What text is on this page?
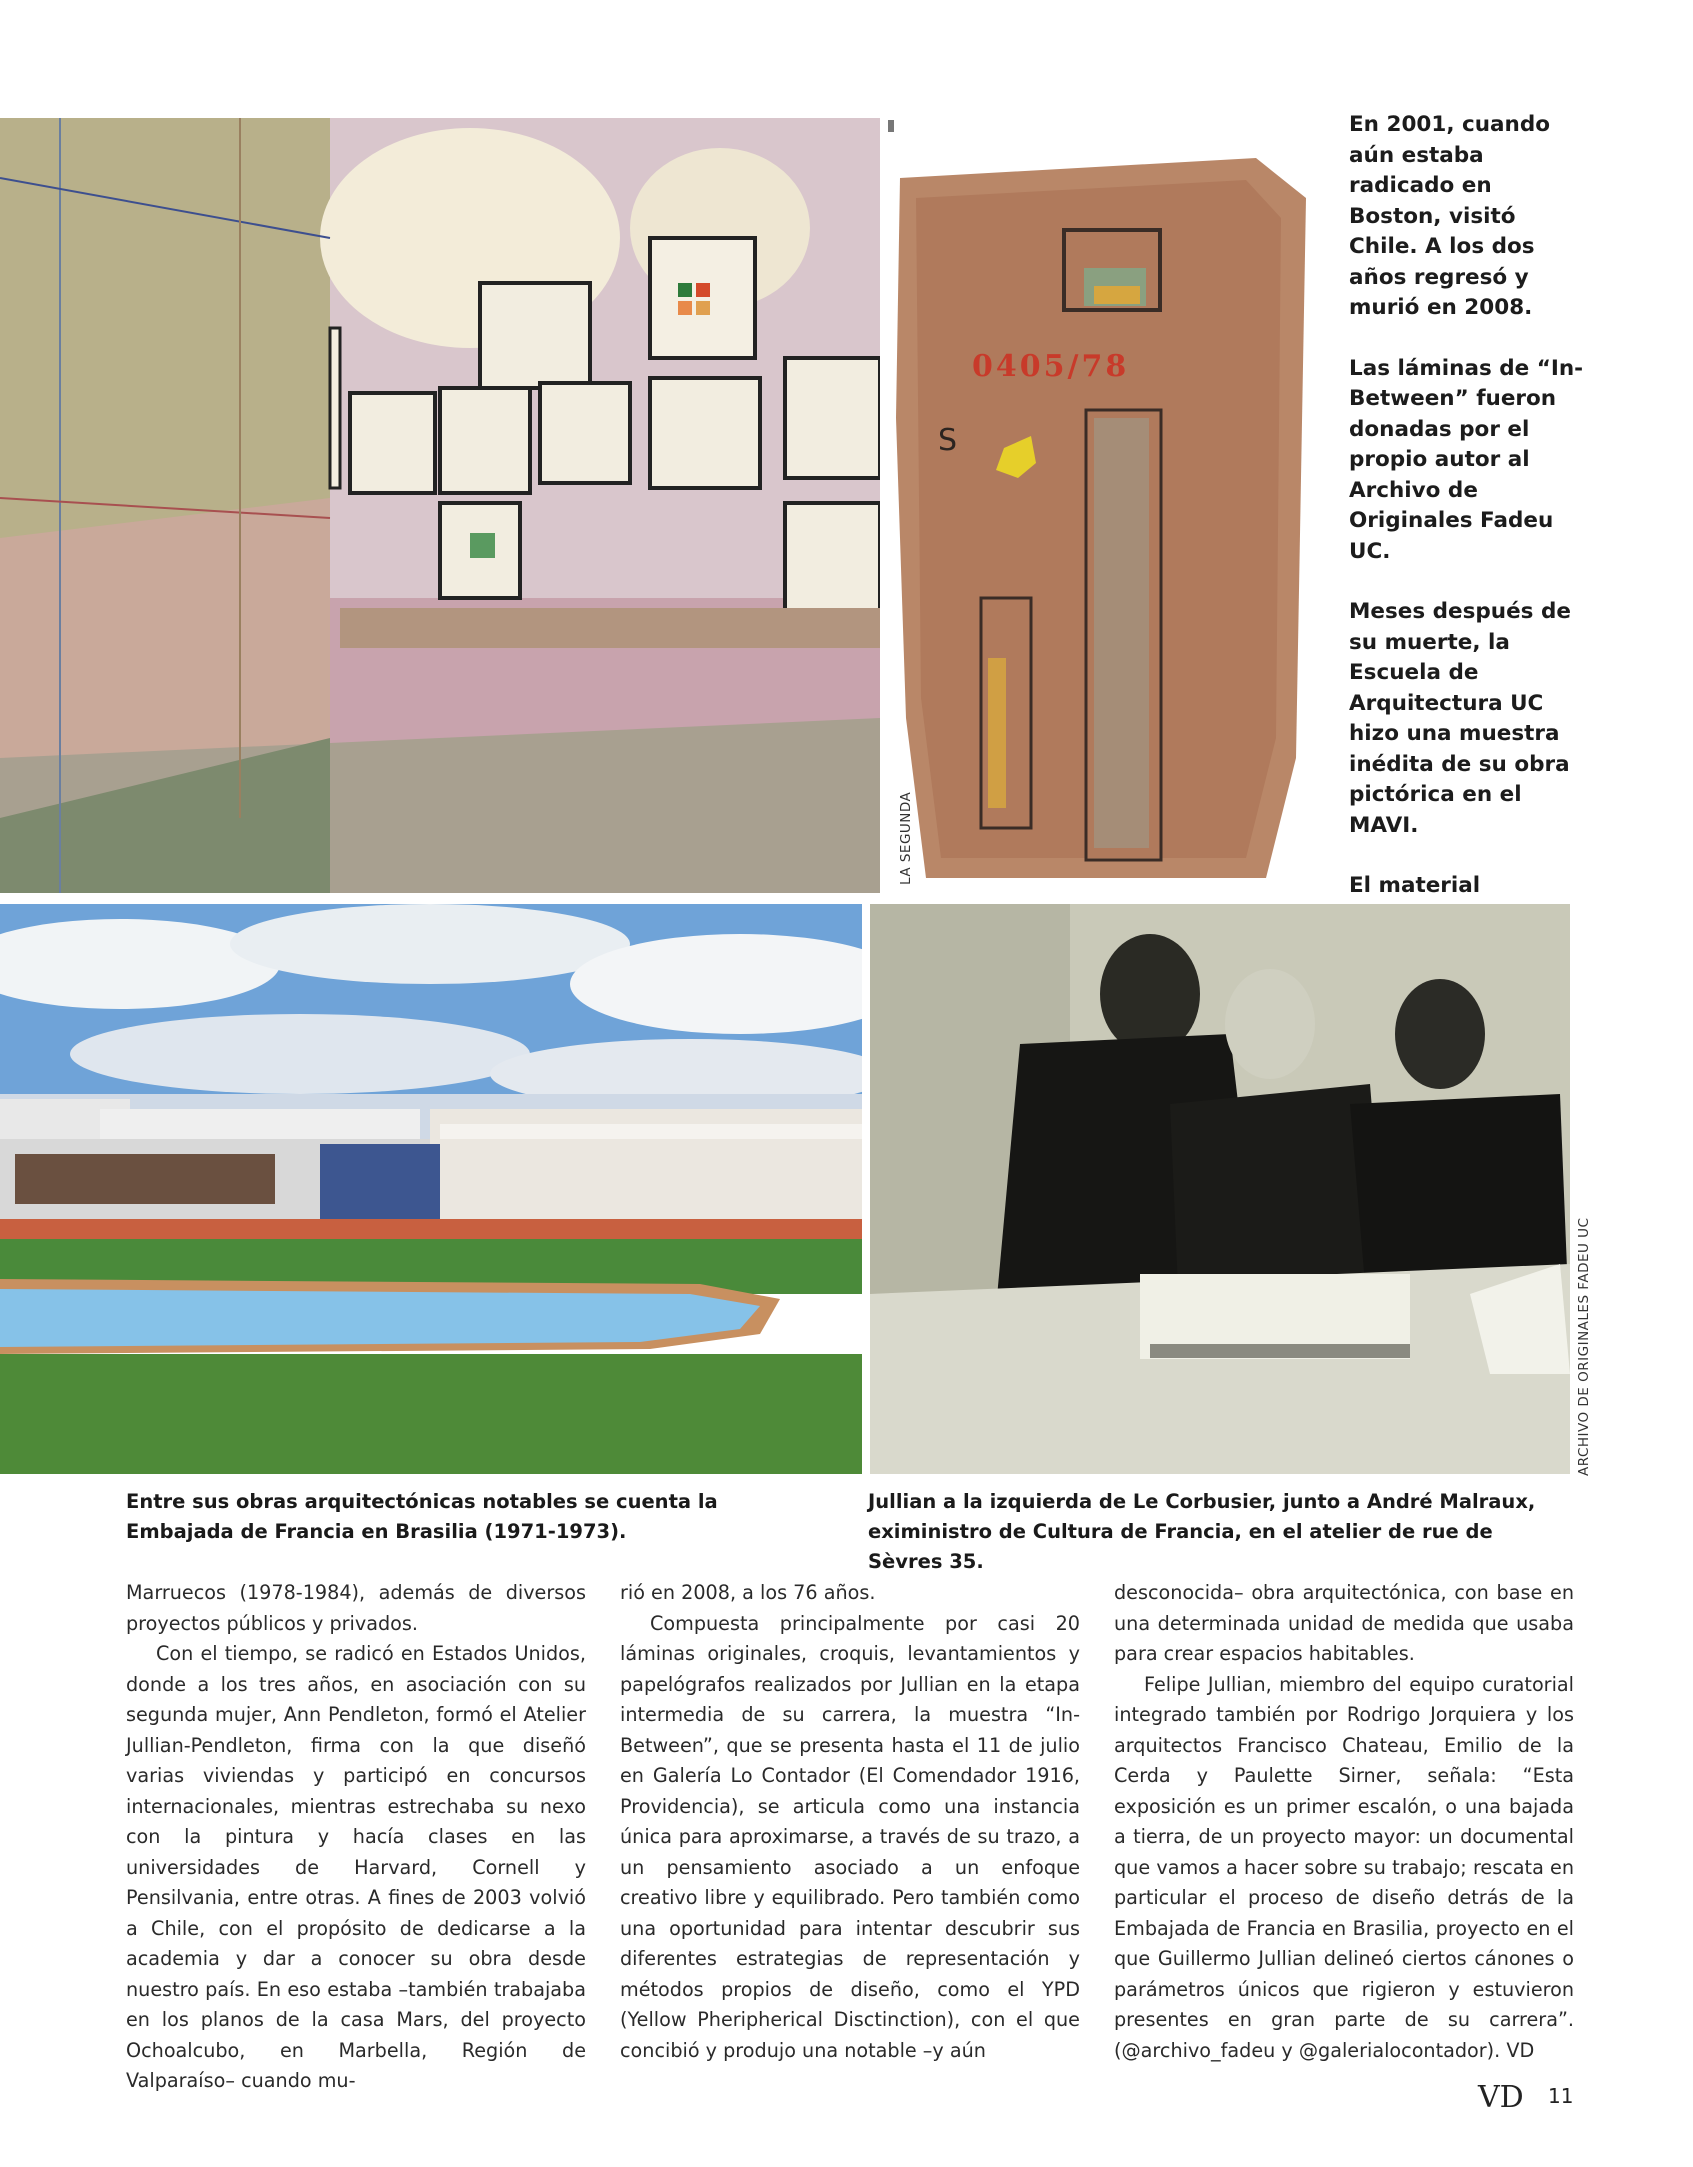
0405/78
S
LA SEGUNDA

En 2001, cuando aún estaba radicado en Boston, visitó Chile. A los dos años regresó y murió en 2008.

Las láminas de “In-Between” fueron donadas por el propio autor al Archivo de Originales Fadeu UC.

Meses después de su muerte, la Escuela de Arquitectura UC hizo una muestra inédita de su obra pictórica en el MAVI.

El material

ARCHIVO DE ORIGINALES FADEU UC
Entre sus obras arquitectónicas notables se cuenta la Embajada de Francia en Brasilia (1971-1973).
Jullian a la izquierda de Le Corbusier, junto a André Malraux, exiministro de Cultura de Francia, en el atelier de rue de Sèvres 35.

Marruecos (1978-1984), además de diversos proyectos públicos y privados.

Con el tiempo, se radicó en Estados Unidos, donde a los tres años, en asociación con su segunda mujer, Ann Pendleton, formó el Atelier Jullian-Pendleton, firma con la que diseñó varias viviendas y participó en concursos internacionales, mientras estrechaba su nexo con la pintura y hacía clases en las universidades de Harvard, Cornell y Pensilvania, entre otras. A fines de 2003 volvió a Chile, con el propósito de dedicarse a la academia y dar a conocer su obra desde nuestro país. En eso estaba –también trabajaba en los planos de la casa Mars, del proyecto Ochoalcubo, en Marbella, Región de Valparaíso– cuando mu-

rió en 2008, a los 76 años.

Compuesta principalmente por casi 20 láminas originales, croquis, levantamientos y papelógrafos realizados por Jullian en la etapa intermedia de su carrera, la muestra “In-Between”, que se presenta hasta el 11 de julio en Galería Lo Contador (El Comendador 1916, Providencia), se articula como una instancia única para aproximarse, a través de su trazo, a un pensamiento asociado a un enfoque creativo libre y equilibrado. Pero también como una oportunidad para intentar descubrir sus diferentes estrategias de representación y métodos propios de diseño, como el YPD (Yellow Pheripherical Disctinction), con el que concibió y produjo una notable –y aún

desconocida– obra arquitectónica, con base en una determinada unidad de medida que usaba para crear espacios habitables.

Felipe Jullian, miembro del equipo curatorial integrado también por Rodrigo Jorquiera y los arquitectos Francisco Chateau, Emilio de la Cerda y Paulette Sirner, señala: “Esta exposición es un primer escalón, o una bajada a tierra, de un proyecto mayor: un documental que vamos a hacer sobre su trabajo; rescata en particular el proceso de diseño detrás de la Embajada de Francia en Brasilia, proyecto en el que Guillermo Jullian delineó ciertos cánones o parámetros únicos que rigieron y estuvieron presentes en gran parte de su carrera”. (@archivo_fadeu y @galerialocontador). VD

VD 11
